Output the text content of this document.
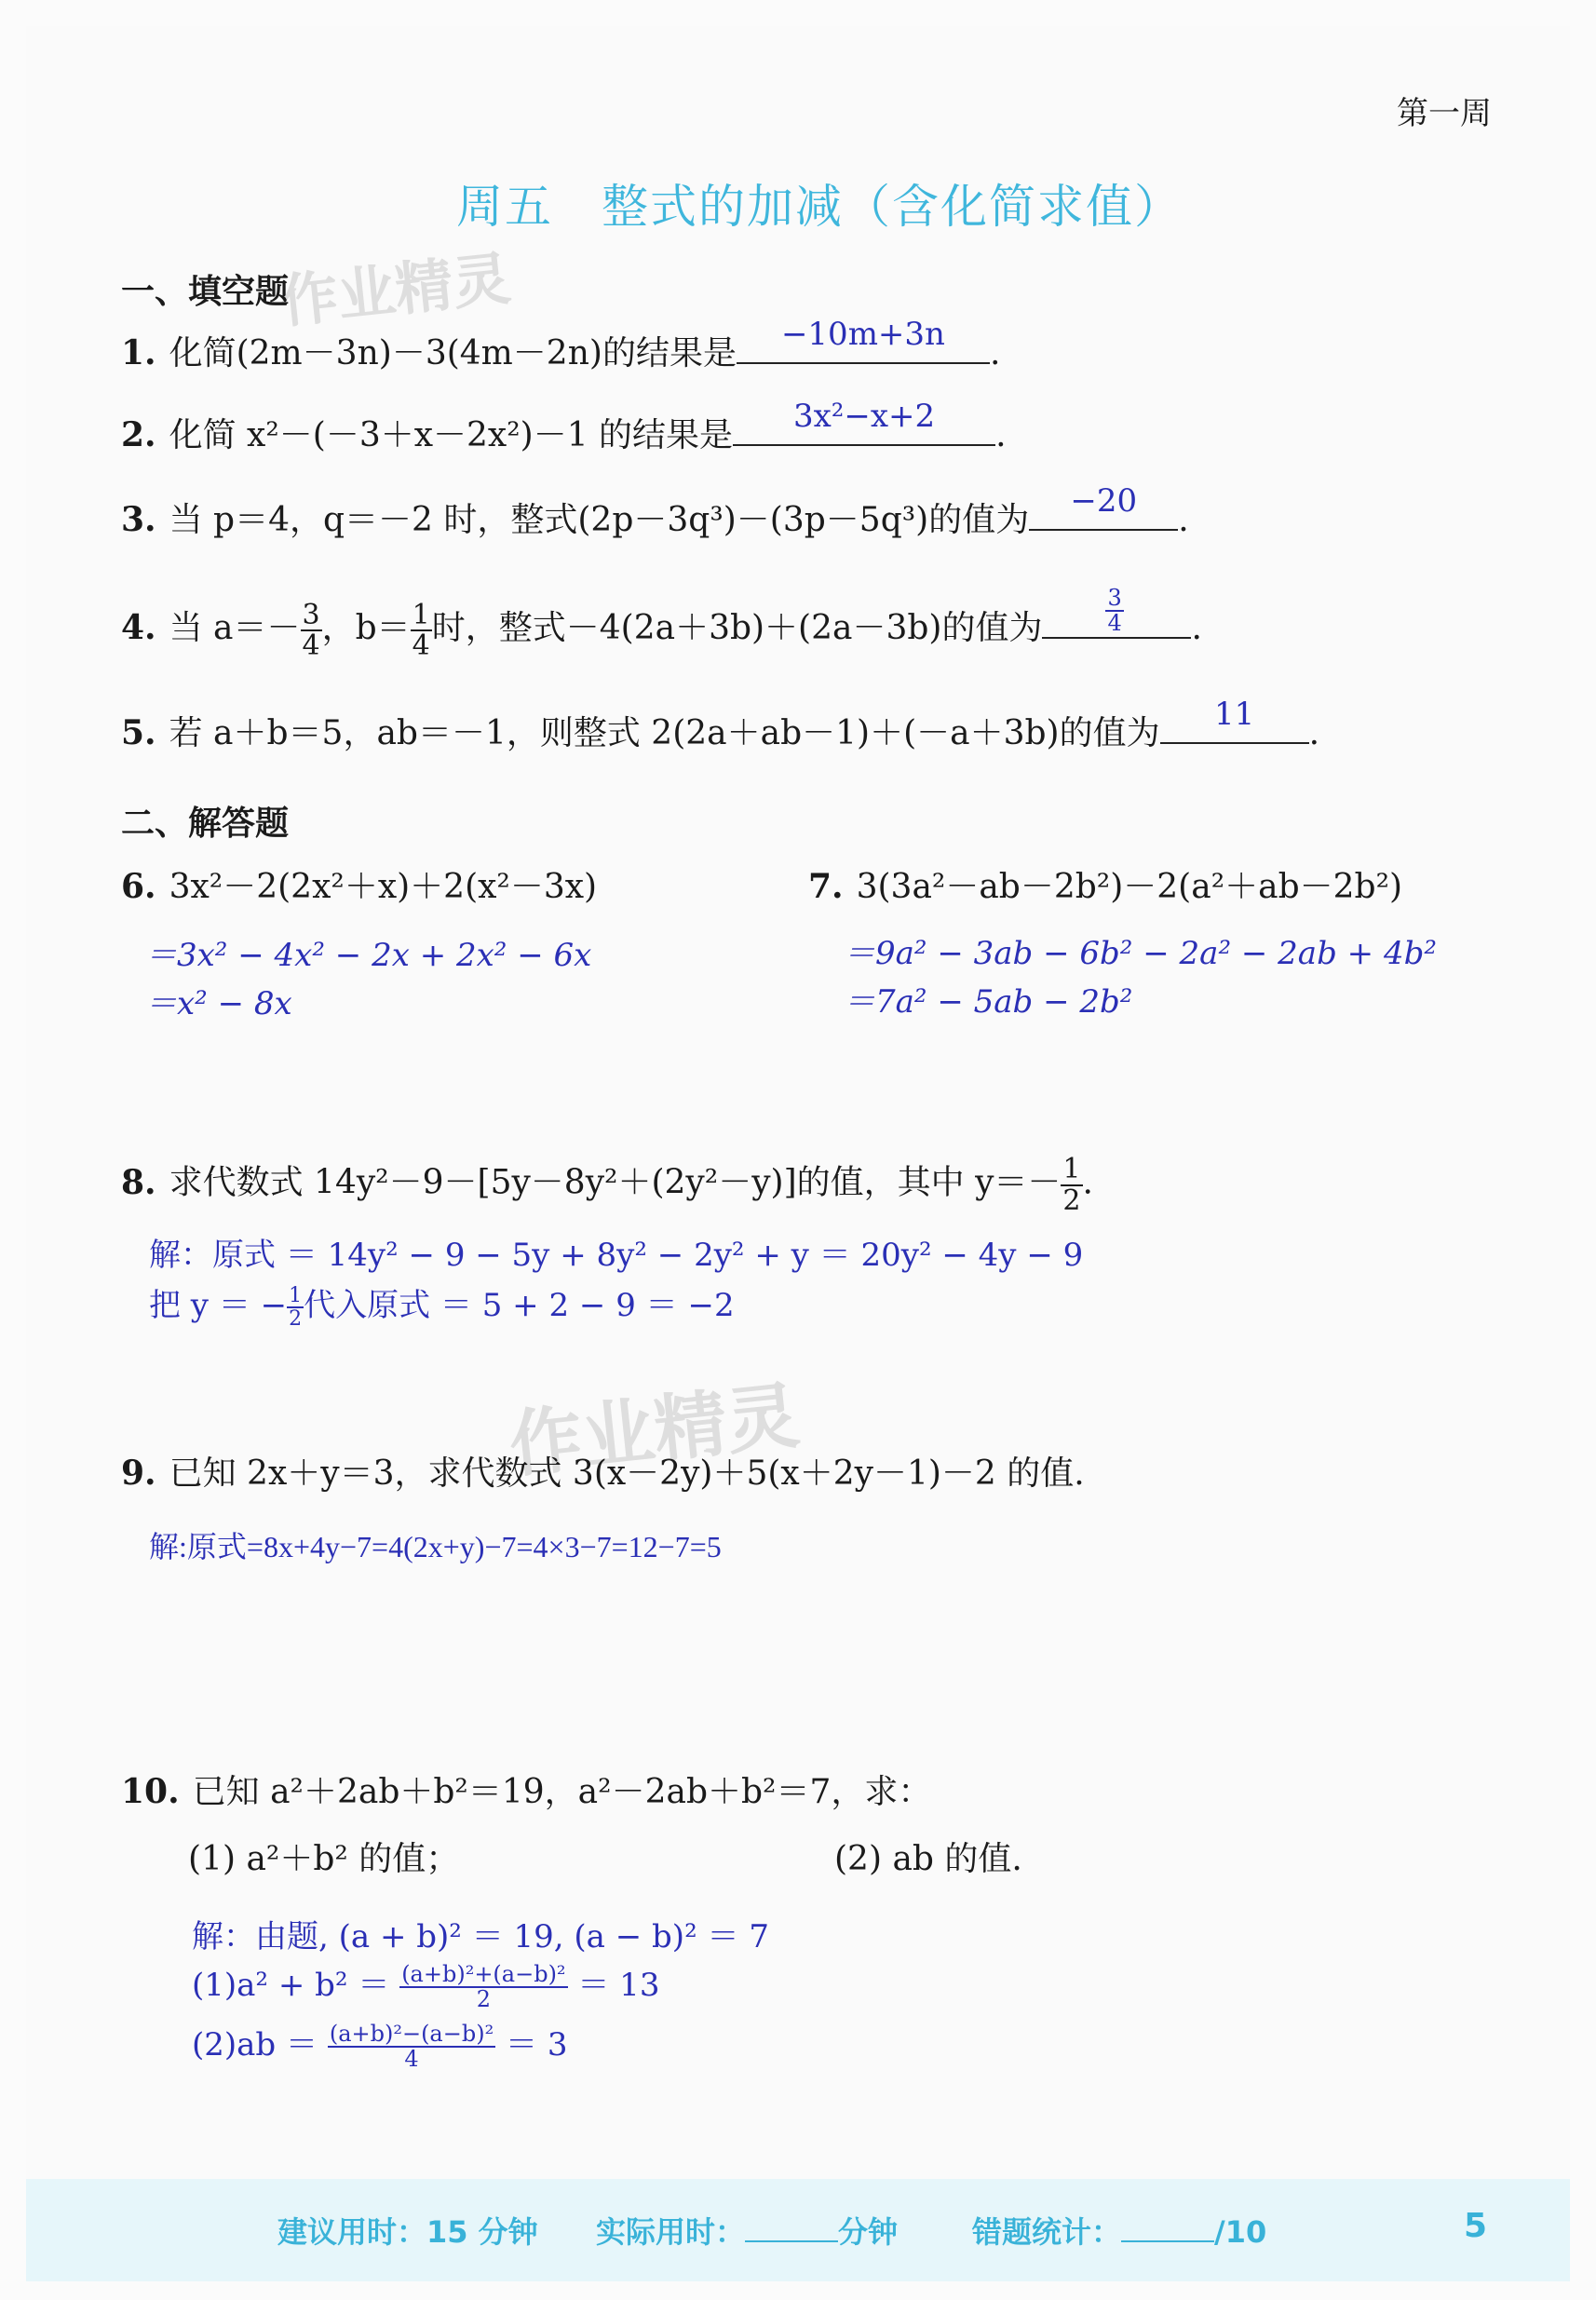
第一周
周五　整式的加减（含化简求值）
作业精灵
作业精灵
一、填空题
1. 化简(2m－3n)－3(4m－2n)的结果是	−10m+3n	.
2. 化简 x²－(－3＋x－2x²)－1 的结果是	3x²−x+2	.
3. 当 p＝4，q＝－2 时，整式(2p－3q³)－(3p－5q³)的值为	−20	.
4. 当 $a=- \frac{3}{4}$ ，$b= \frac{1}{4}$ 时，整式－4(2a＋3b)＋(2a－3b)的值为	$\frac{3}{4}$ .
5. 若 a＋b＝5，ab＝－1，则整式 2(2a＋ab－1)＋(－a＋3b)的值为	11	.
二、解答题
6. 3x²－2(2x²＋x)＋2(x²－3x)
＝3x² − 4x² − 2x + 2x² − 6x
＝x² − 8x
7. 3(3a²－ab－2b²)－2(a²＋ab－2b²)
＝9a² − 3ab − 6b² − 2a² − 2ab + 4b²
＝7a² − 5ab − 2b²
8. 求代数式 14y²－9－[5y－8y²＋(2y²－y)]的值，其中 $y=- \frac{1}{2}$ .
解：原式 ＝ 14y² − 9 − 5y + 8y² − 2y² + y ＝ 20y² − 4y − 9
把 y ＝ − $\frac{1}{2}$ 代入原式 ＝ 5 + 2 − 9 ＝ −2
9. 已知 2x＋y＝3，求代数式 3(x－2y)＋5(x＋2y－1)－2 的值.
解:原式=8x+4y−7=4(2x+y)−7=4×3−7=12−7=5
10. 已知 a²＋2ab＋b²＝19，a²－2ab＋b²＝7，求：
(1) a²＋b² 的值；	(2) ab 的值.
解：由题, (a + b)² ＝ 19, (a − b)² ＝ 7
$(1)a^2 + b^2 = \frac{\text{(a+b)²+(a−b)²}}{2} = 13$
$(2)ab = \frac{\text{(a+b)²−(a−b)²}}{4} = 3$
建议用时：15 分钟 实际用时：	分钟 错题统计：	/10	5
